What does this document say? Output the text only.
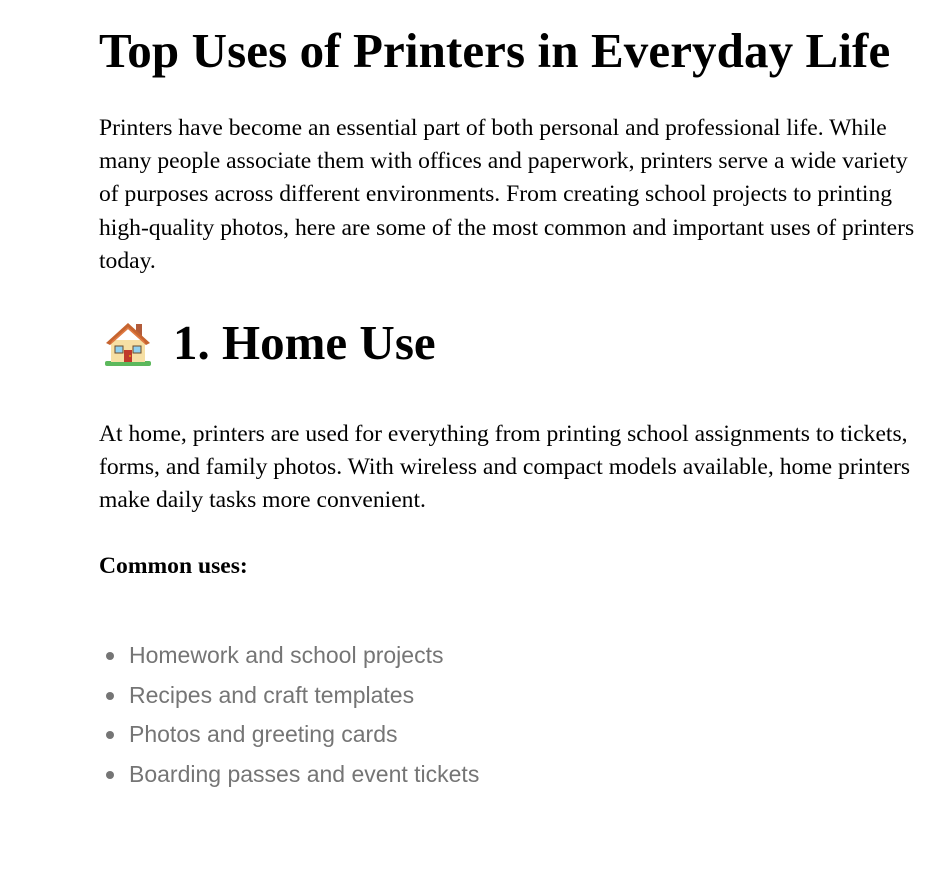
Top Uses of Printers in Everyday Life

Printers have become an essential part of both personal and professional life. While many people associate them with offices and paperwork, printers serve a wide variety of purposes across different environments. From creating school projects to printing high-quality photos, here are some of the most common and important uses of printers today.

1. Home Use

At home, printers are used for everything from printing school assignments to tickets, forms, and family photos. With wireless and compact models available, home printers make daily tasks more convenient.

Common uses:

Homework and school projects
Recipes and craft templates
Photos and greeting cards
Boarding passes and event tickets
